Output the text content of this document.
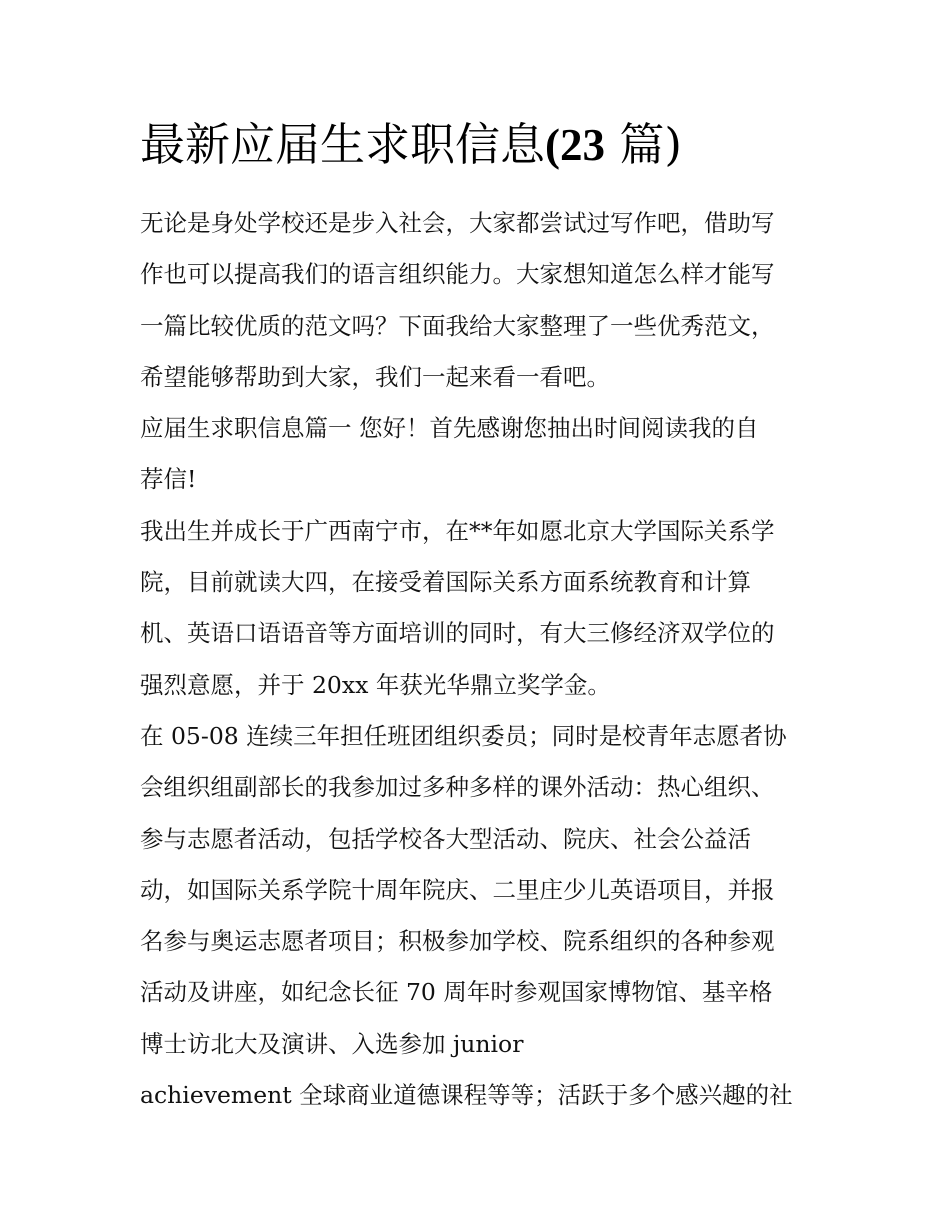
最新应届生求职信息(23 篇)
无论是身处学校还是步入社会，大家都尝试过写作吧，借助写
作也可以提高我们的语言组织能力。大家想知道怎么样才能写
一篇比较优质的范文吗？下面我给大家整理了一些优秀范文，
希望能够帮助到大家，我们一起来看一看吧。
应届生求职信息篇一 您好！首先感谢您抽出时间阅读我的自
荐信!
我出生并成长于广西南宁市，在**年如愿北京大学国际关系学
院，目前就读大四，在接受着国际关系方面系统教育和计算
机、英语口语语音等方面培训的同时，有大三修经济双学位的
强烈意愿，并于 20xx 年获光华鼎立奖学金。
在 05-08 连续三年担任班团组织委员；同时是校青年志愿者协
会组织组副部长的我参加过多种多样的课外活动：热心组织、
参与志愿者活动，包括学校各大型活动、院庆、社会公益活
动，如国际关系学院十周年院庆、二里庄少儿英语项目，并报
名参与奥运志愿者项目；积极参加学校、院系组织的各种参观
活动及讲座，如纪念长征 70 周年时参观国家博物馆、基辛格
博士访北大及演讲、入选参加 junior
achievement 全球商业道德课程等等；活跃于多个感兴趣的社
